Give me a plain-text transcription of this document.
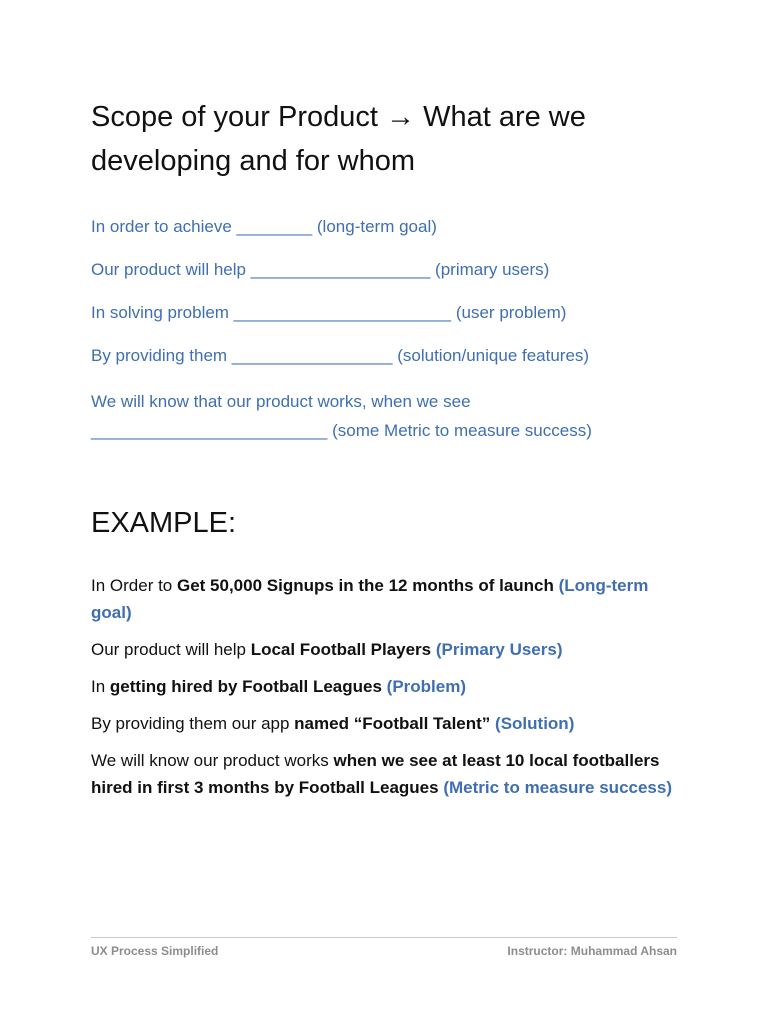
Scope of your Product → What are we developing and for whom

In order to achieve ________ (long-term goal)

Our product will help ___________________ (primary users)

In solving problem _______________________ (user problem)

By providing them _________________ (solution/unique features)

We will know that our product works, when we see
_________________________ (some Metric to measure success)

EXAMPLE:

In Order to Get 50,000 Signups in the 12 months of launch (Long-term goal)

Our product will help Local Football Players (Primary Users)

In getting hired by Football Leagues (Problem)

By providing them our app named “Football Talent” (Solution)

We will know our product works when we see at least 10 local footballers hired in first 3 months by Football Leagues (Metric to measure success)

UX Process Simplified	Instructor: Muhammad Ahsan
